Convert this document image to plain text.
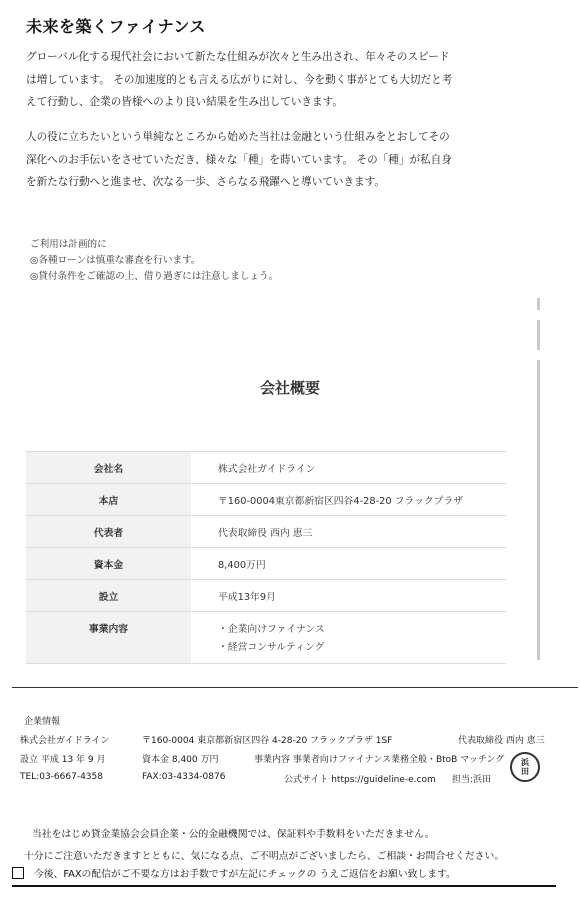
未来を築くファイナンス
グローバル化する現代社会において新たな仕組みが次々と生み出され、年々そのスピード
は増しています。 その加速度的とも言える広がりに対し、今を動く事がとても大切だと考
えて行動し、企業の皆様へのより良い結果を生み出していきます。
人の役に立ちたいという単純なところから始めた当社は金融という仕組みをとおしてその
深化へのお手伝いをさせていただき、様々な「種」を蒔いています。 その「種」が私自身
を新たな行動へと進ませ、次なる一歩、さらなる飛躍へと導いていきます。
ご利用は計画的に
◎各種ローンは慎重な審査を行います。
◎貸付条件をご確認の上、借り過ぎには注意しましょう。
会社概要
会社名	株式会社ガイドライン
本店	〒160-0004東京都新宿区四谷4-28-20 フラックプラザ
代表者	代表取締役 西内 恵三
資本金	8,400万円
設立	平成13年9月
事業内容	・企業向けファイナンス
・経営コンサルティング
企業情報
株式会社ガイドライン	〒160-0004 東京都新宿区四谷 4-28-20 フラックプラザ 1SF	代表取締役 西内 恵三
設立 平成 13 年 9 月	資本金 8,400 万円	事業内容 事業者向けファイナンス業務全般・BtoB マッチング
TEL:03-6667-4358	FAX:03-4334-0876	公式サイト https://guideline-e.com 担当:浜田
浜
田
当社をはじめ貸金業協会会員企業・公的金融機関では、保証料や手数料をいただきません。
十分にご注意いただきますとともに、気になる点、ご不明点がございましたら、ご相談・お問合せください。
今後、FAXの配信がご不要な方はお手数ですが左記にチェックの うえご返信をお願い致します。
